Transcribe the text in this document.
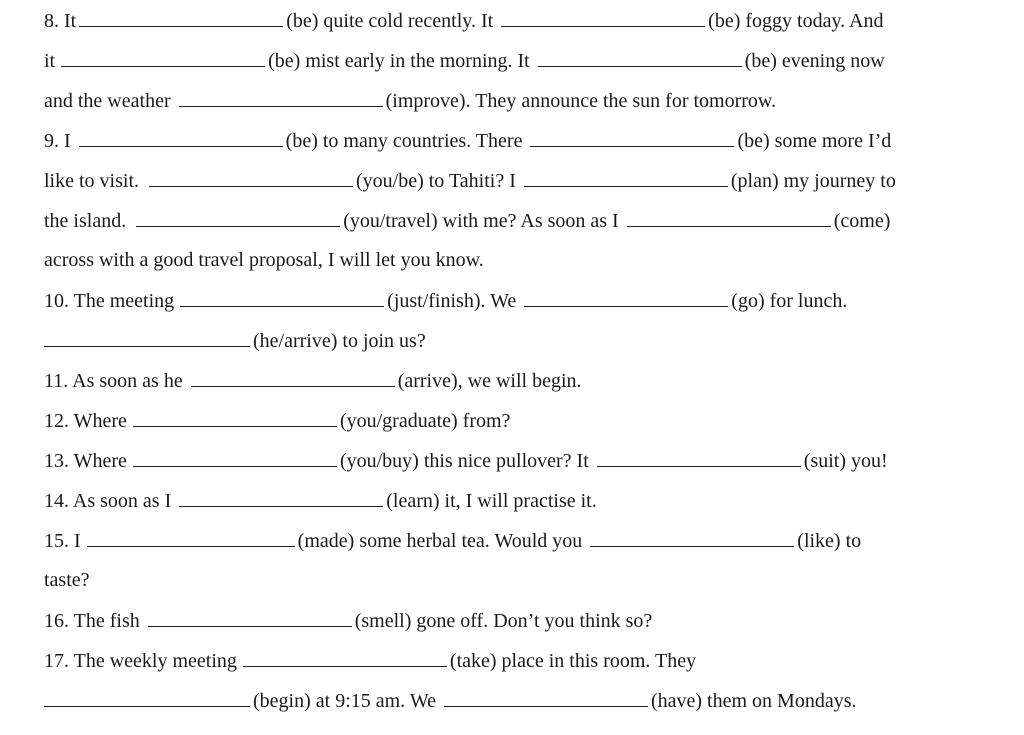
8. It	(be) quite cold recently. It	(be) foggy today. And
it	(be) mist early in the morning. It	(be) evening now
and the weather	(improve). They announce the sun for tomorrow.
9. I	(be) to many countries. There	(be) some more I’d
like to visit.	(you/be) to Tahiti? I	(plan) my journey to
the island.	(you/travel) with me? As soon as I	(come)
across with a good travel proposal, I will let you know.
10. The meeting	(just/finish). We	(go) for lunch.
(he/arrive) to join us?
11. As soon as he	(arrive), we will begin.
12. Where	(you/graduate) from?
13. Where	(you/buy) this nice pullover? It	(suit) you!
14. As soon as I	(learn) it, I will practise it.
15. I	(made) some herbal tea. Would you	(like) to
taste?
16. The fish	(smell) gone off. Don’t you think so?
17. The weekly meeting	(take) place in this room. They
(begin) at 9:15 am. We	(have) them on Mondays.
